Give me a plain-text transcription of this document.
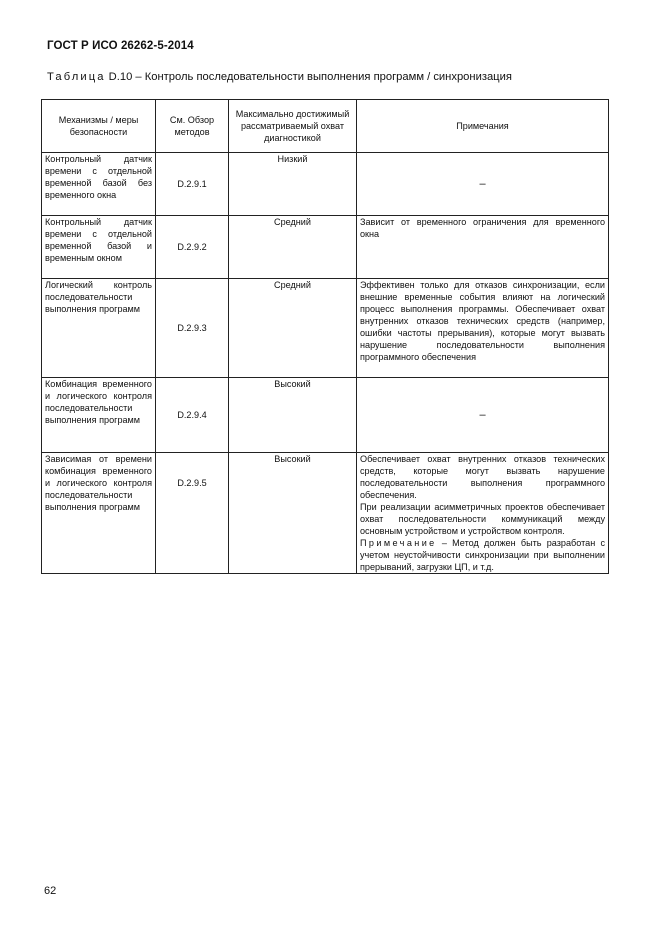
ГОСТ Р ИСО 26262-5-2014
Таблица D.10 – Контроль последовательности выполнения программ / синхронизация
Механизмы / меры безопасности	См. Обзор методов	Максимально достижимый рассматриваемый охват диагностикой	Примечания
Контрольный датчик времени с отдельной временной базой без временного окна	D.2.9.1	Низкий	–
Контрольный датчик времени с отдельной временной базой и временным окном	D.2.9.2	Средний	Зависит от временного ограничения для временного окна
Логический контроль последовательности выполнения программ	D.2.9.3	Средний	Эффективен только для отказов синхронизации, если внешние временные события влияют на логический процесс выполнения программы. Обеспечивает охват внутренних отказов технических средств (например, ошибки частоты прерывания), которые могут вызвать нарушение последовательности выполнения программного обеспечения
Комбинация временного и логического контроля последовательности выполнения программ	D.2.9.4	Высокий	–
Зависимая от времени комбинация временного и логического контроля последовательности выполнения программ	D.2.9.5	Высокий	Обеспечивает охват внутренних отказов технических средств, которые могут вызвать нарушение последовательности выполнения программного обеспечения.

При реализации асимметричных проектов обеспечивает охват последовательности коммуникаций между основным устройством и устройством контроля.

Примечание – Метод должен быть разработан с учетом неустойчивости синхронизации при выполнении прерываний, загрузки ЦП, и т.д.

62
